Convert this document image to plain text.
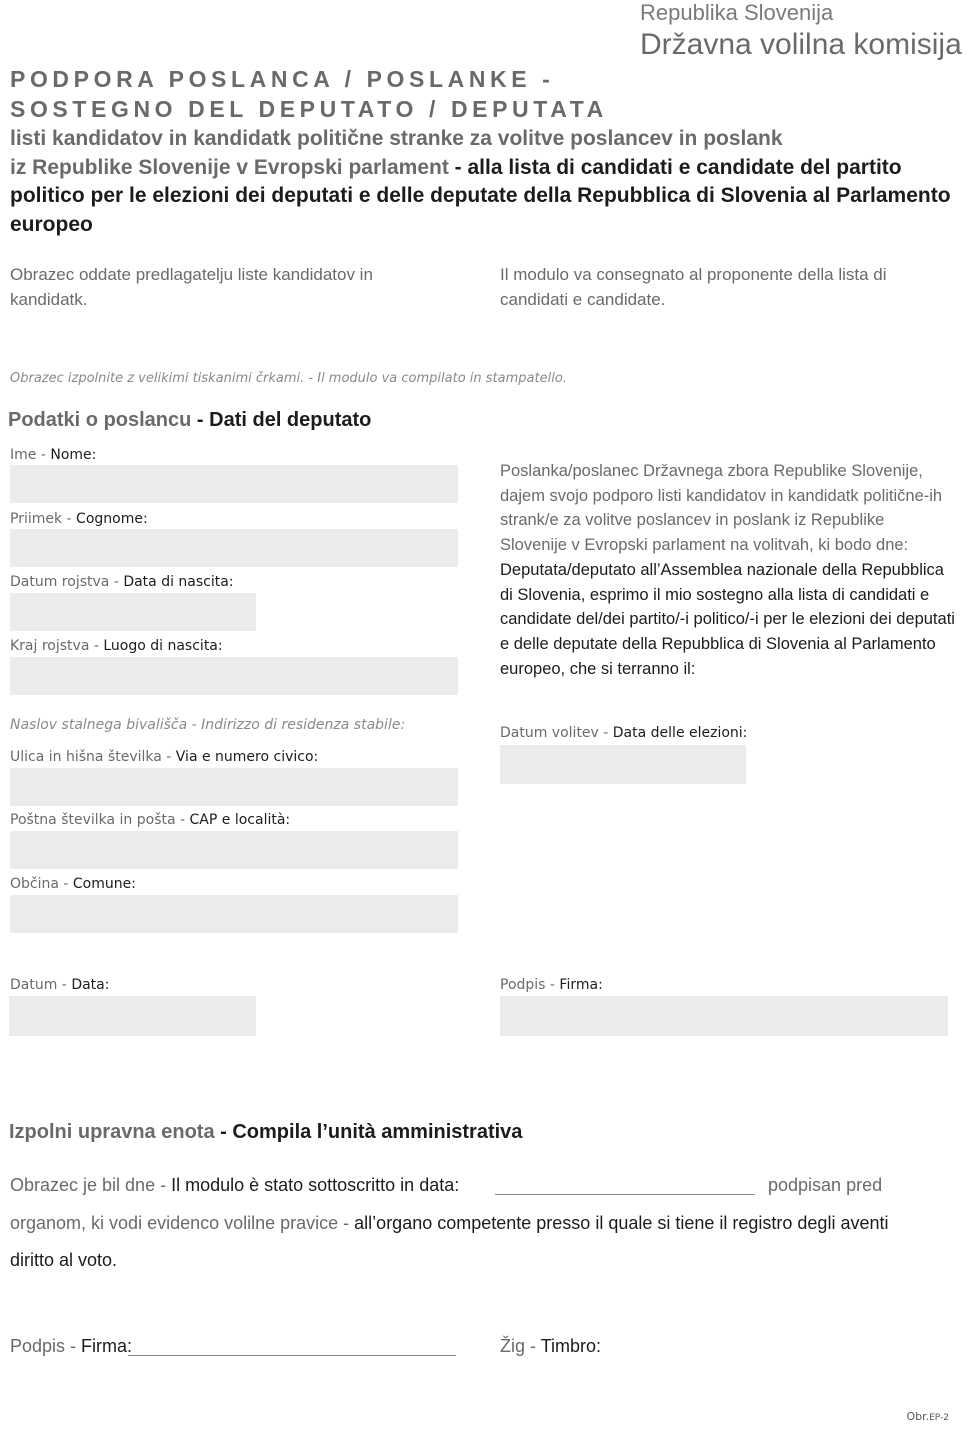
Republika Slovenija
Državna volilna komisija
PODPORA POSLANCA / POSLANKE -
SOSTEGNO DEL DEPUTATO / DEPUTATA
listi kandidatov in kandidatk politične stranke za volitve poslancev in poslank
iz Republike Slovenije v Evropski parlament - alla lista di candidati e candidate del partito politico per le elezioni dei deputati e delle deputate della Repubblica di Slovenia al Parlamento europeo
Obrazec oddate predlagatelju liste kandidatov in kandidatk.
Il modulo va consegnato al proponente della lista di candidati e candidate.
Obrazec izpolnite z velikimi tiskanimi črkami. - Il modulo va compilato in stampatello.
Podatki o poslancu - Dati del deputato
Ime - Nome:
Priimek - Cognome:
Datum rojstva - Data di nascita:
Kraj rojstva - Luogo di nascita:
Naslov stalnega bivališča - Indirizzo di residenza stabile:
Ulica in hišna številka - Via e numero civico:
Poštna številka in pošta - CAP e località:
Občina - Comune:
Poslanka/poslanec Državnega zbora Republike Slovenije, dajem svojo podporo listi kandidatov in kandidatk politične-ih strank/e za volitve poslancev in poslank iz Republike Slovenije v Evropski parlament na volitvah, ki bodo dne: Deputata/deputato all’Assemblea nazionale della Repubblica di Slovenia, esprimo il mio sostegno alla lista di candidati e candidate del/dei partito/-i politico/-i per le elezioni dei deputati e delle deputate della Repubblica di Slovenia al Parlamento europeo, che si terranno il:
Datum volitev - Data delle elezioni:
Datum - Data:	Podpis - Firma:
Izpolni upravna enota - Compila l’unità amministrativa
Obrazec je bil dne - Il modulo è stato sottoscritto in data:	podpisan pred
organom, ki vodi evidenco volilne pravice - all’organo competente presso il quale si tiene il registro degli aventi
diritto al voto.
Podpis - Firma:	Žig - Timbro:
Obr.EP-2
